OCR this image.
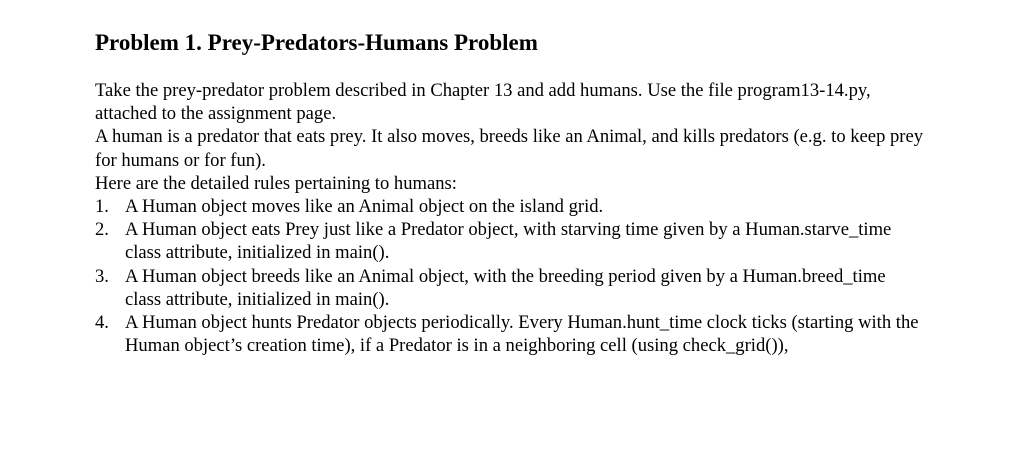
Problem 1. Prey-Predators-Humans Problem

Take the prey-predator problem described in Chapter 13 and add humans. Use the file program13-14.py, attached to the assignment page.

A human is a predator that eats prey. It also moves, breeds like an Animal, and kills predators (e.g. to keep prey for humans or for fun).

Here are the detailed rules pertaining to humans:

1. A Human object moves like an Animal object on the island grid.
2. A Human object eats Prey just like a Predator object, with starving time given by a Human.starve_time class attribute, initialized in main().
3. A Human object breeds like an Animal object, with the breeding period given by a Human.breed_time class attribute, initialized in main().
4. A Human object hunts Predator objects periodically. Every Human.hunt_time clock ticks (starting with the Human object’s creation time), if a Predator is in a neighboring cell (using check_grid()),
